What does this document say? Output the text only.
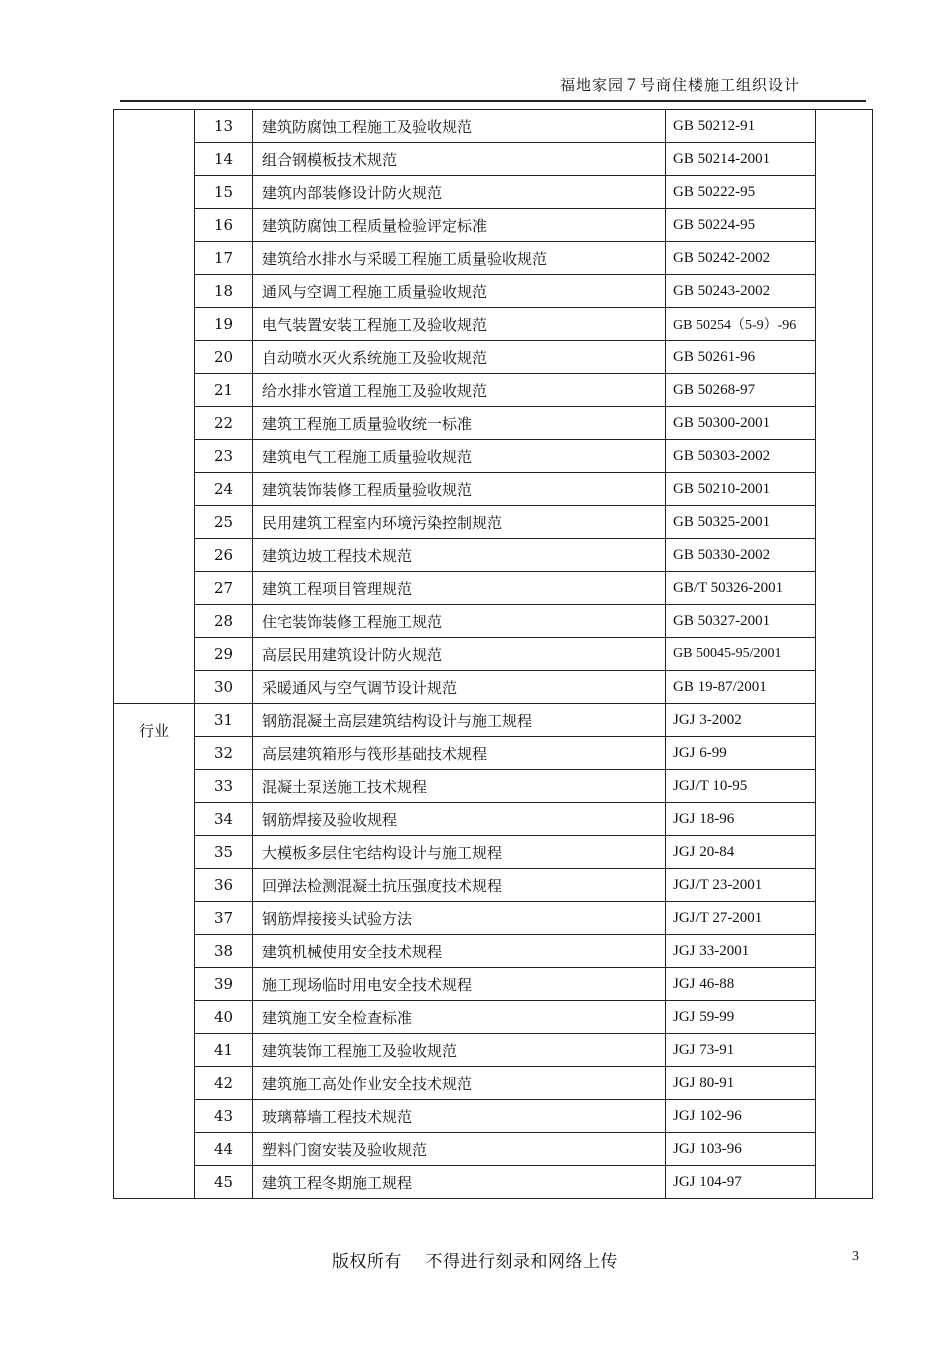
福地家园７号商住楼施工组织设计
	13	建筑防腐蚀工程施工及验收规范	GB 50212-91	
	14	组合钢模板技术规范	GB 50214-2001	
	15	建筑内部装修设计防火规范	GB 50222-95	
	16	建筑防腐蚀工程质量检验评定标准	GB 50224-95	
	17	建筑给水排水与采暖工程施工质量验收规范	GB 50242-2002	
	18	通风与空调工程施工质量验收规范	GB 50243-2002	
	19	电气装置安装工程施工及验收规范	GB 50254（5-9）-96	
	20	自动喷水灭火系统施工及验收规范	GB 50261-96	
	21	给水排水管道工程施工及验收规范	GB 50268-97	
	22	建筑工程施工质量验收统一标准	GB 50300-2001	
	23	建筑电气工程施工质量验收规范	GB 50303-2002	
	24	建筑装饰装修工程质量验收规范	GB 50210-2001	
	25	民用建筑工程室内环境污染控制规范	GB 50325-2001	
	26	建筑边坡工程技术规范	GB 50330-2002	
	27	建筑工程项目管理规范	GB/T 50326-2001	
	28	住宅装饰装修工程施工规范	GB 50327-2001	
	29	高层民用建筑设计防火规范	GB 50045-95/2001	
	30	采暖通风与空气调节设计规范	GB 19-87/2001	
行业	31	钢筋混凝土高层建筑结构设计与施工规程	JGJ 3-2002	
	32	高层建筑箱形与筏形基础技术规程	JGJ 6-99	
	33	混凝土泵送施工技术规程	JGJ/T 10-95	
	34	钢筋焊接及验收规程	JGJ 18-96	
	35	大模板多层住宅结构设计与施工规程	JGJ 20-84	
	36	回弹法检测混凝土抗压强度技术规程	JGJ/T 23-2001	
	37	钢筋焊接接头试验方法	JGJ/T 27-2001	
	38	建筑机械使用安全技术规程	JGJ 33-2001	
	39	施工现场临时用电安全技术规程	JGJ 46-88	
	40	建筑施工安全检查标准	JGJ 59-99	
	41	建筑装饰工程施工及验收规范	JGJ 73-91	
	42	建筑施工高处作业安全技术规范	JGJ 80-91	
	43	玻璃幕墙工程技术规范	JGJ 102-96	
	44	塑料门窗安装及验收规范	JGJ 103-96	
	45	建筑工程冬期施工规程	JGJ 104-97	
版权所有    不得进行刻录和网络上传	3
